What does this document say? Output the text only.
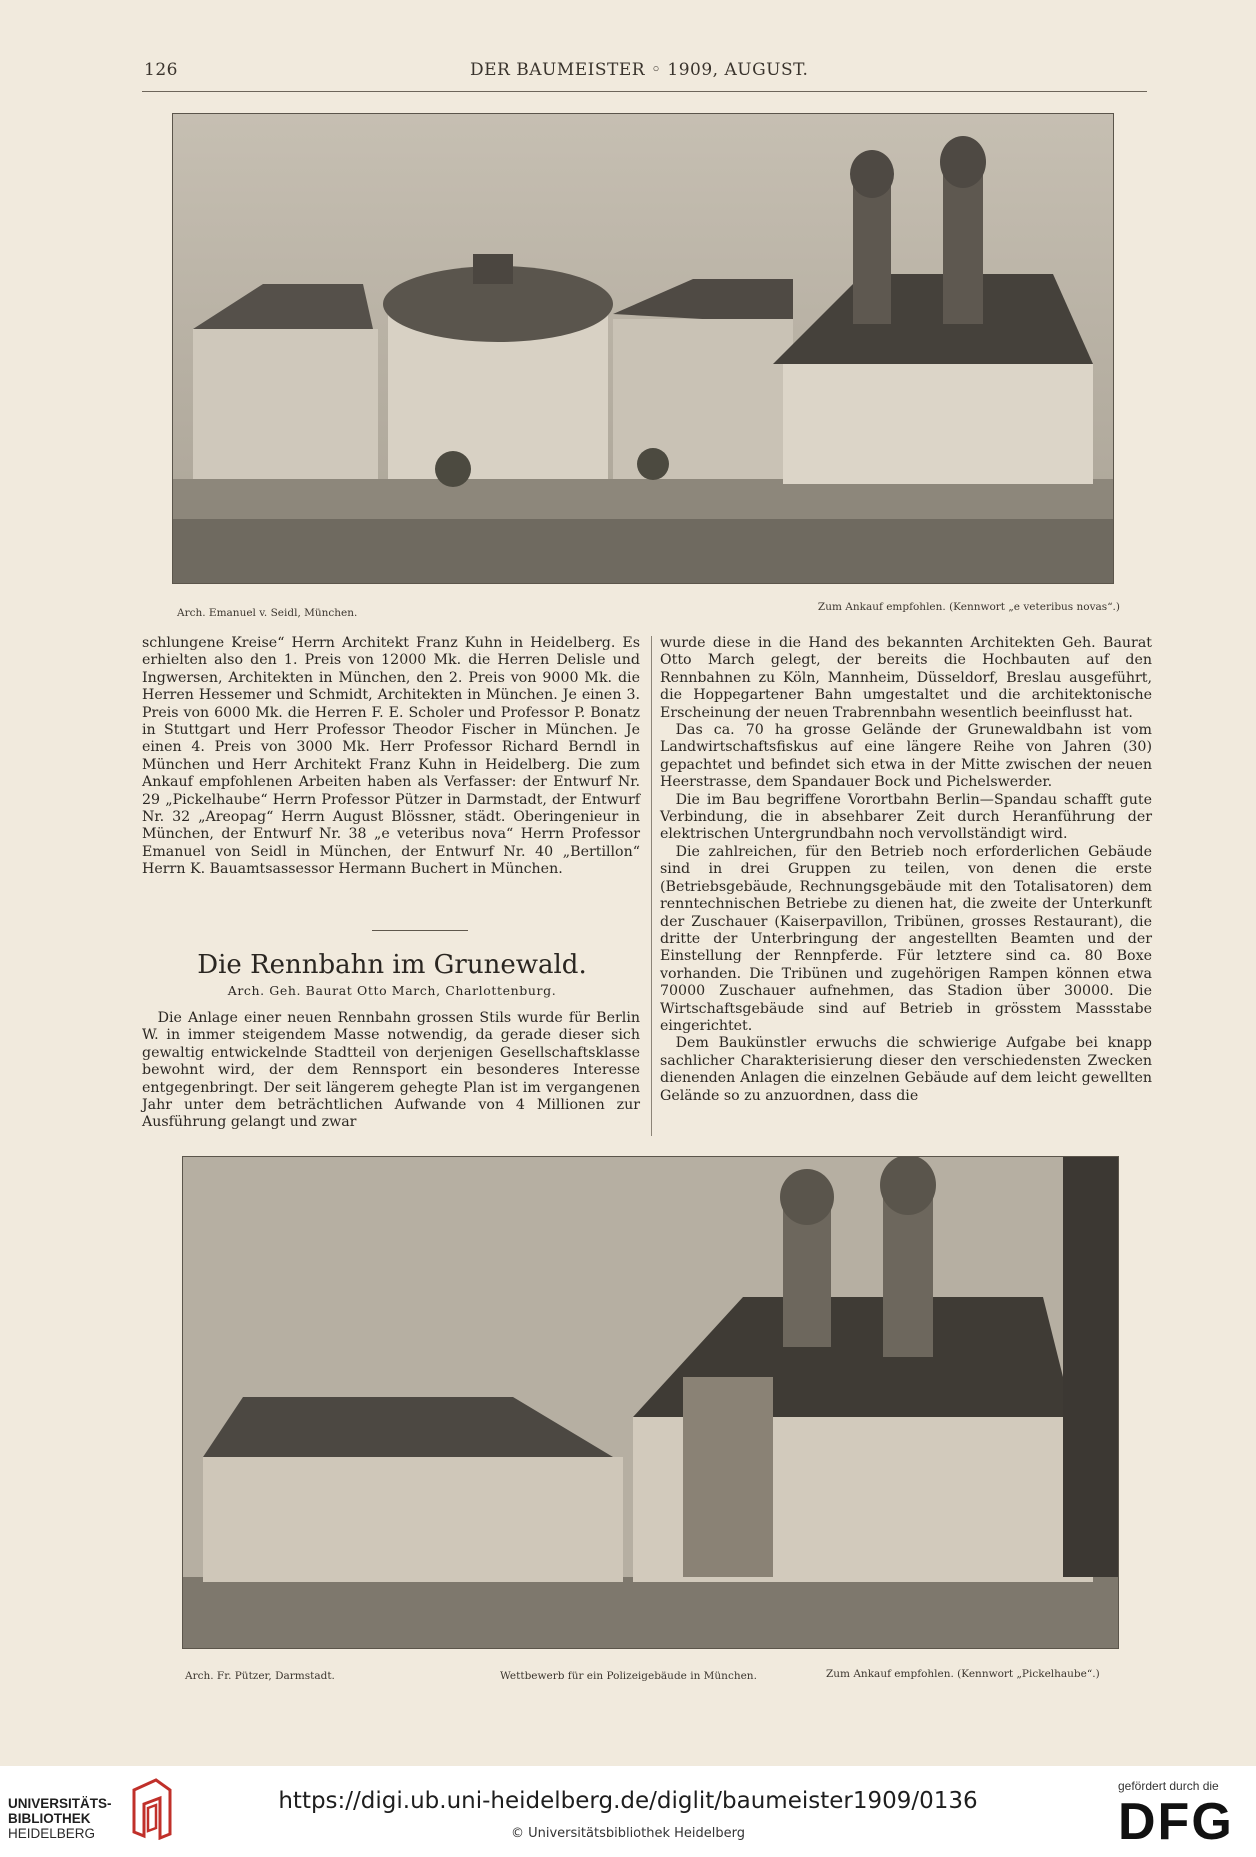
126	DER BAUMEISTER ◦ 1909, AUGUST.
Arch. Emanuel v. Seidl, München.	Zum Ankauf empfohlen. (Kennwort „e veteribus novas“.)

schlungene Kreise“ Herrn Architekt Franz Kuhn in Heidelberg. Es erhielten also den 1. Preis von 12000 Mk. die Herren Delisle und Ingwersen, Architekten in München, den 2. Preis von 9000 Mk. die Herren Hessemer und Schmidt, Architekten in München. Je einen 3. Preis von 6000 Mk. die Herren F. E. Scholer und Professor P. Bonatz in Stuttgart und Herr Professor Theodor Fischer in München. Je einen 4. Preis von 3000 Mk. Herr Professor Richard Berndl in München und Herr Architekt Franz Kuhn in Heidelberg. Die zum Ankauf empfohlenen Arbeiten haben als Verfasser: der Entwurf Nr. 29 „Pickelhaube“ Herrn Professor Pützer in Darmstadt, der Entwurf Nr. 32 „Areopag“ Herrn August Blössner, städt. Oberingenieur in München, der Entwurf Nr. 38 „e veteribus nova“ Herrn Professor Emanuel von Seidl in München, der Entwurf Nr. 40 „Bertillon“ Herrn K. Bauamtsassessor Hermann Buchert in München.

Die Rennbahn im Grunewald.
Arch. Geh. Baurat Otto March, Charlottenburg.

Die Anlage einer neuen Rennbahn grossen Stils wurde für Berlin W. in immer steigendem Masse notwendig, da gerade dieser sich gewaltig entwickelnde Stadtteil von derjenigen Gesellschaftsklasse bewohnt wird, der dem Rennsport ein besonderes Interesse entgegenbringt. Der seit längerem gehegte Plan ist im vergangenen Jahr unter dem beträchtlichen Aufwande von 4 Millionen zur Ausführung gelangt und zwar

wurde diese in die Hand des bekannten Architekten Geh. Baurat Otto March gelegt, der bereits die Hochbauten auf den Rennbahnen zu Köln, Mannheim, Düsseldorf, Breslau ausgeführt, die Hoppegartener Bahn umgestaltet und die architektonische Erscheinung der neuen Trabrennbahn wesentlich beeinflusst hat.

Das ca. 70 ha grosse Gelände der Grunewaldbahn ist vom Landwirtschaftsfiskus auf eine längere Reihe von Jahren (30) gepachtet und befindet sich etwa in der Mitte zwischen der neuen Heerstrasse, dem Spandauer Bock und Pichelswerder.

Die im Bau begriffene Vorortbahn Berlin—Spandau schafft gute Verbindung, die in absehbarer Zeit durch Heranführung der elektrischen Untergrundbahn noch vervollständigt wird.

Die zahlreichen, für den Betrieb noch erforderlichen Gebäude sind in drei Gruppen zu teilen, von denen die erste (Betriebsgebäude, Rechnungsgebäude mit den Totalisatoren) dem renntechnischen Betriebe zu dienen hat, die zweite der Unterkunft der Zuschauer (Kaiserpavillon, Tribünen, grosses Restaurant), die dritte der Unterbringung der angestellten Beamten und der Einstellung der Rennpferde. Für letztere sind ca. 80 Boxe vorhanden. Die Tribünen und zugehörigen Rampen können etwa 70000 Zuschauer aufnehmen, das Stadion über 30000. Die Wirtschaftsgebäude sind auf Betrieb in grösstem Massstabe eingerichtet.

Dem Baukünstler erwuchs die schwierige Aufgabe bei knapp sachlicher Charakterisierung dieser den verschiedensten Zwecken dienenden Anlagen die einzelnen Gebäude auf dem leicht gewellten Gelände so zu anzuordnen, dass die

Arch. Fr. Pützer, Darmstadt.	Wettbewerb für ein Polizeigebäude in München.	Zum Ankauf empfohlen. (Kennwort „Pickelhaube“.)
UNIVERSITÄTS-
BIBLIOTHEK
HEIDELBERG
https://digi.ub.uni-heidelberg.de/diglit/baumeister1909/0136
© Universitätsbibliothek Heidelberg
gefördert durch die
DFG
